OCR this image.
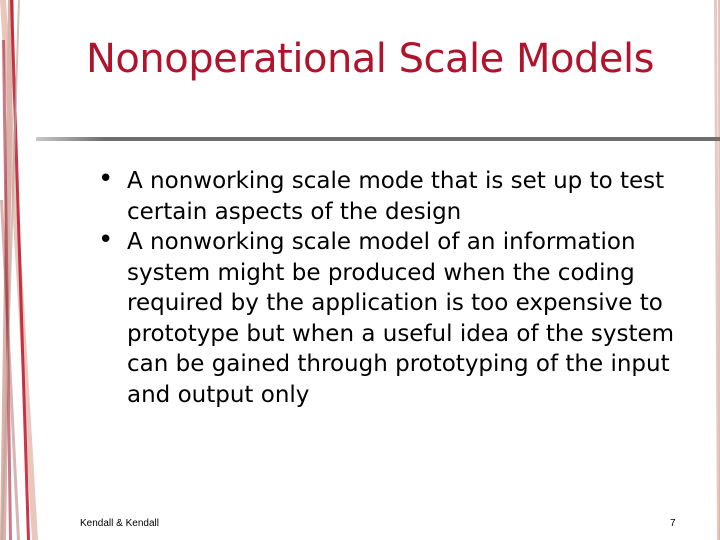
Nonoperational Scale Models
• A nonworking scale mode that is set up to test certain aspects of the design
• A nonworking scale model of an information system might be produced when the coding required by the application is too expensive to prototype but when a useful idea of the system can be gained through prototyping of the input and output only
Kendall & Kendall	7
